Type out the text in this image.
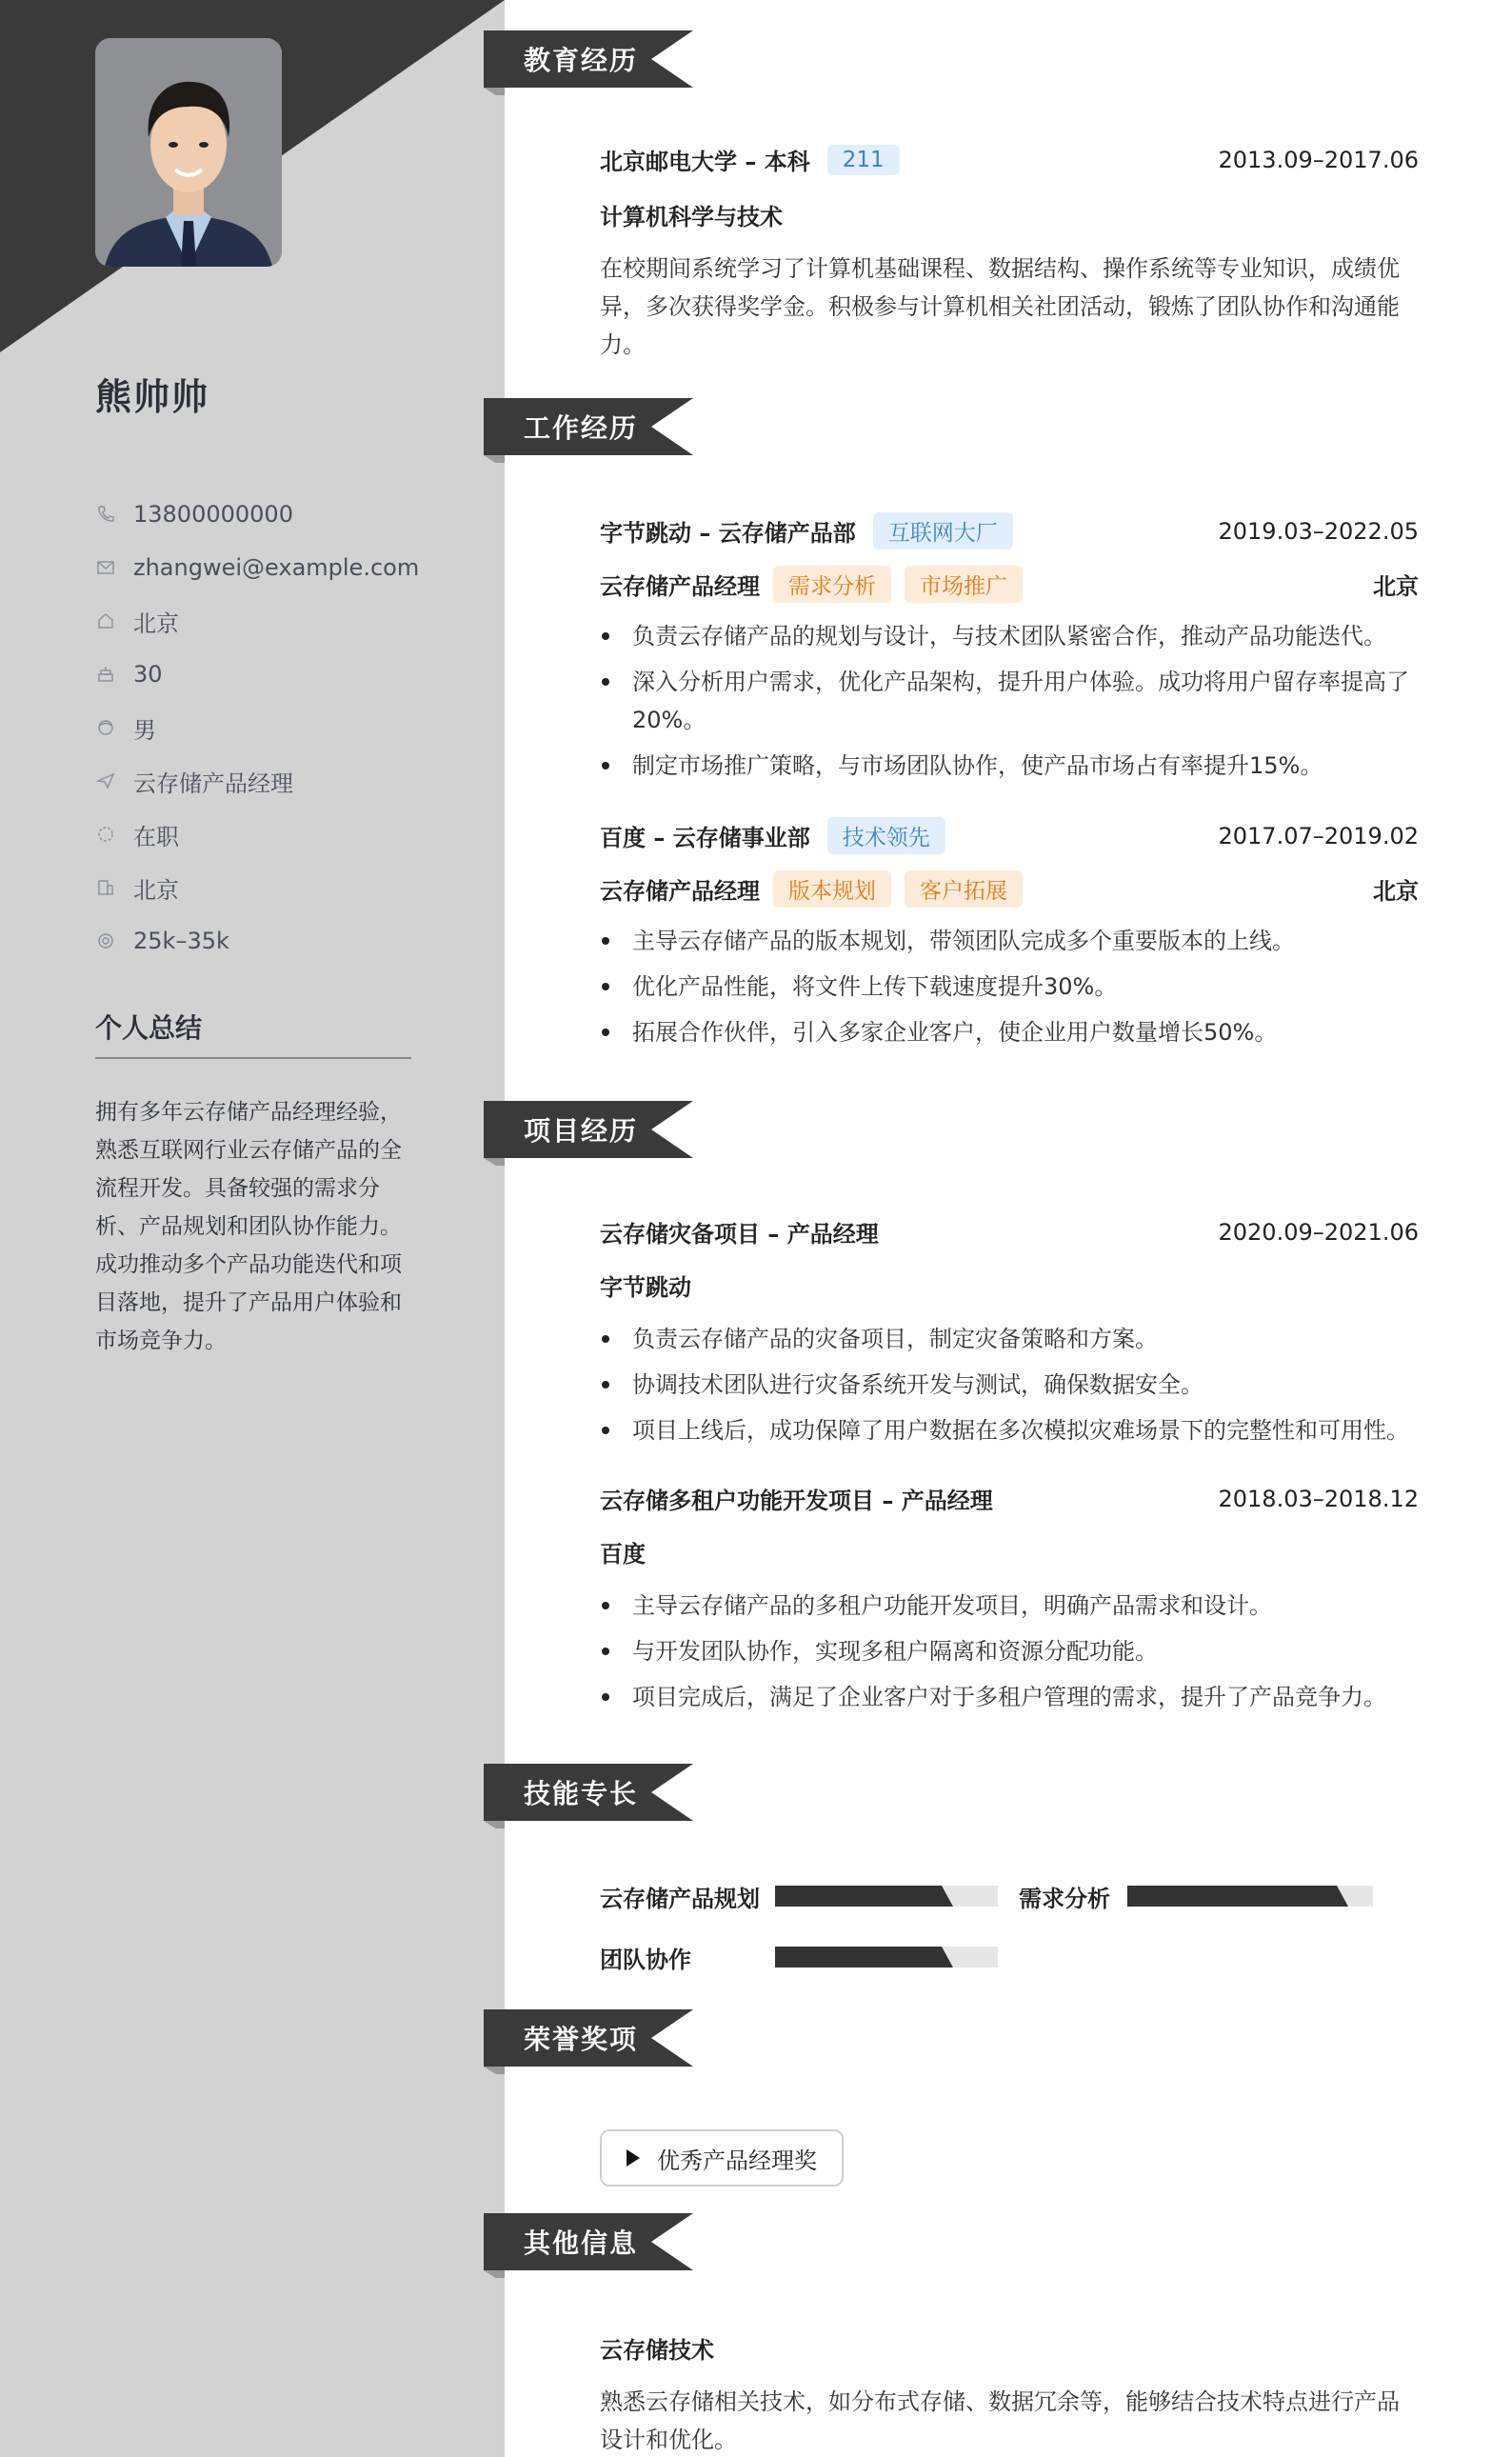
熊帅帅
13800000000
zhangwei@example.com
北京
30
男
云存储产品经理
在职
北京
25k–35k
个人总结
拥有多年云存储产品经理经验，熟悉互联网行业云存储产品的全流程开发。具备较强的需求分析、产品规划和团队协作能力。成功推动多个产品功能迭代和项目落地，提升了产品用户体验和市场竞争力。
教育经历
工作经历
项目经历
技能专长
荣誉奖项
其他信息
北京邮电大学 – 本科	211	2013.09–2017.06
计算机科学与技术
在校期间系统学习了计算机基础课程、数据结构、操作系统等专业知识，成绩优异，多次获得奖学金。积极参与计算机相关社团活动，锻炼了团队协作和沟通能力。
字节跳动 – 云存储产品部	互联网大厂	2019.03–2022.05
云存储产品经理	需求分析	市场推广	北京
负责云存储产品的规划与设计，与技术团队紧密合作，推动产品功能迭代。
深入分析用户需求，优化产品架构，提升用户体验。成功将用户留存率提高了20%。
制定市场推广策略，与市场团队协作，使产品市场占有率提升15%。
百度 – 云存储事业部	技术领先	2017.07–2019.02
云存储产品经理	版本规划	客户拓展	北京
主导云存储产品的版本规划，带领团队完成多个重要版本的上线。
优化产品性能，将文件上传下载速度提升30%。
拓展合作伙伴，引入多家企业客户，使企业用户数量增长50%。
云存储灾备项目 – 产品经理	2020.09–2021.06
字节跳动
负责云存储产品的灾备项目，制定灾备策略和方案。
协调技术团队进行灾备系统开发与测试，确保数据安全。
项目上线后，成功保障了用户数据在多次模拟灾难场景下的完整性和可用性。
云存储多租户功能开发项目 – 产品经理	2018.03–2018.12
百度
主导云存储产品的多租户功能开发项目，明确产品需求和设计。
与开发团队协作，实现多租户隔离和资源分配功能。
项目完成后，满足了企业客户对于多租户管理的需求，提升了产品竞争力。
云存储产品规划	需求分析
团队协作
优秀产品经理奖
云存储技术
熟悉云存储相关技术，如分布式存储、数据冗余等，能够结合技术特点进行产品设计和优化。
